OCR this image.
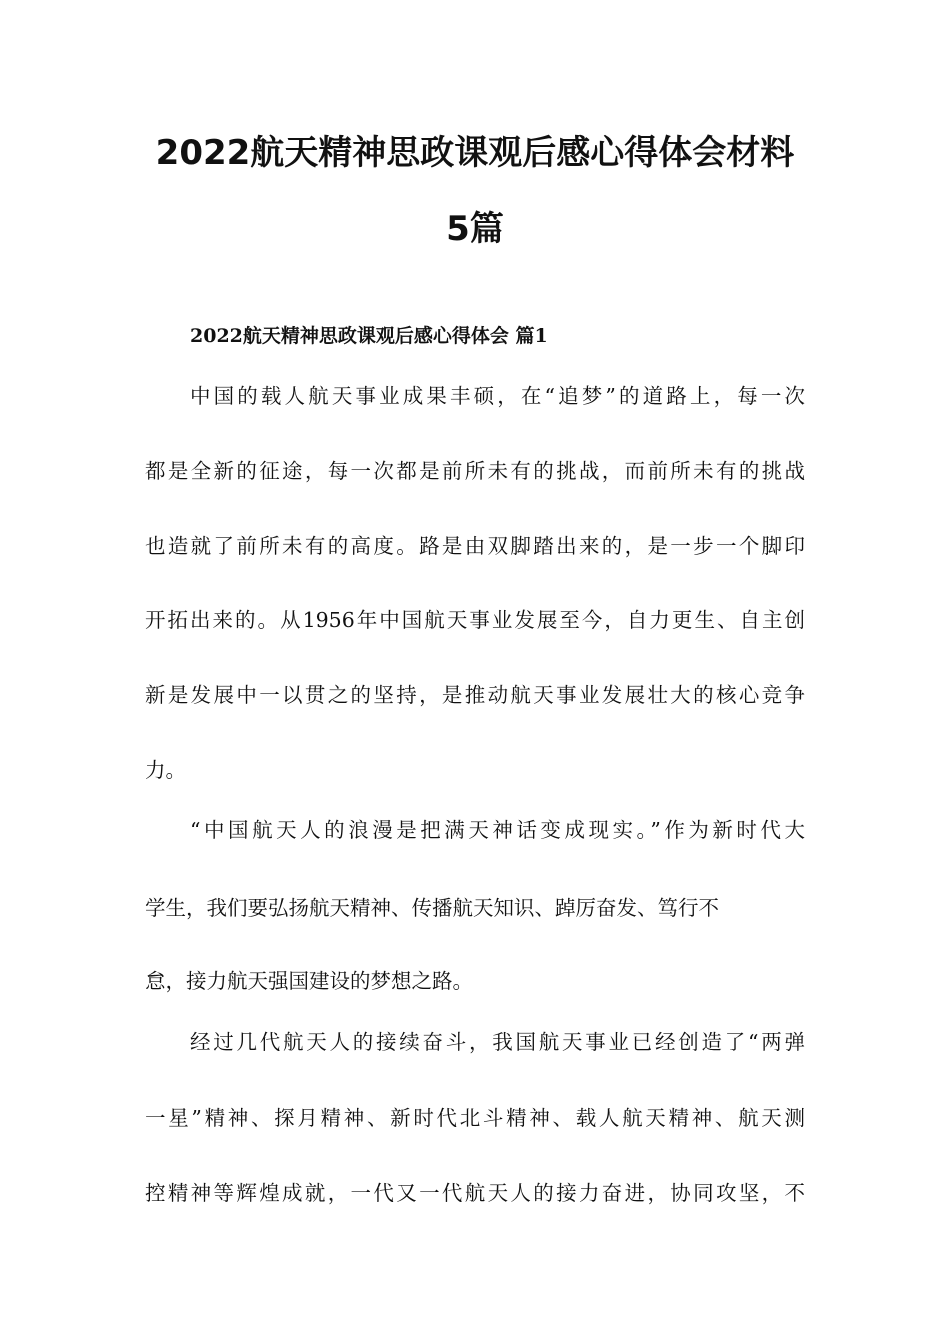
2022航天精神思政课观后感心得体会材料
5篇
2022航天精神思政课观后感心得体会 篇1

中国的载人航天事业成果丰硕，在“追梦”的道路上，每一次

都是全新的征途，每一次都是前所未有的挑战，而前所未有的挑战

也造就了前所未有的高度。路是由双脚踏出来的，是一步一个脚印

开拓出来的。从1956年中国航天事业发展至今，自力更生、自主创

新是发展中一以贯之的坚持，是推动航天事业发展壮大的核心竞争

力。

“中国航天人的浪漫是把满天神话变成现实。”作为新时代大

学生，我们要弘扬航天精神、传播航天知识、踔厉奋发、笃行不

怠，接力航天强国建设的梦想之路。

经过几代航天人的接续奋斗，我国航天事业已经创造了“两弹

一星”精神、探月精神、新时代北斗精神、载人航天精神、航天测

控精神等辉煌成就，一代又一代航天人的接力奋进，协同攻坚，不
